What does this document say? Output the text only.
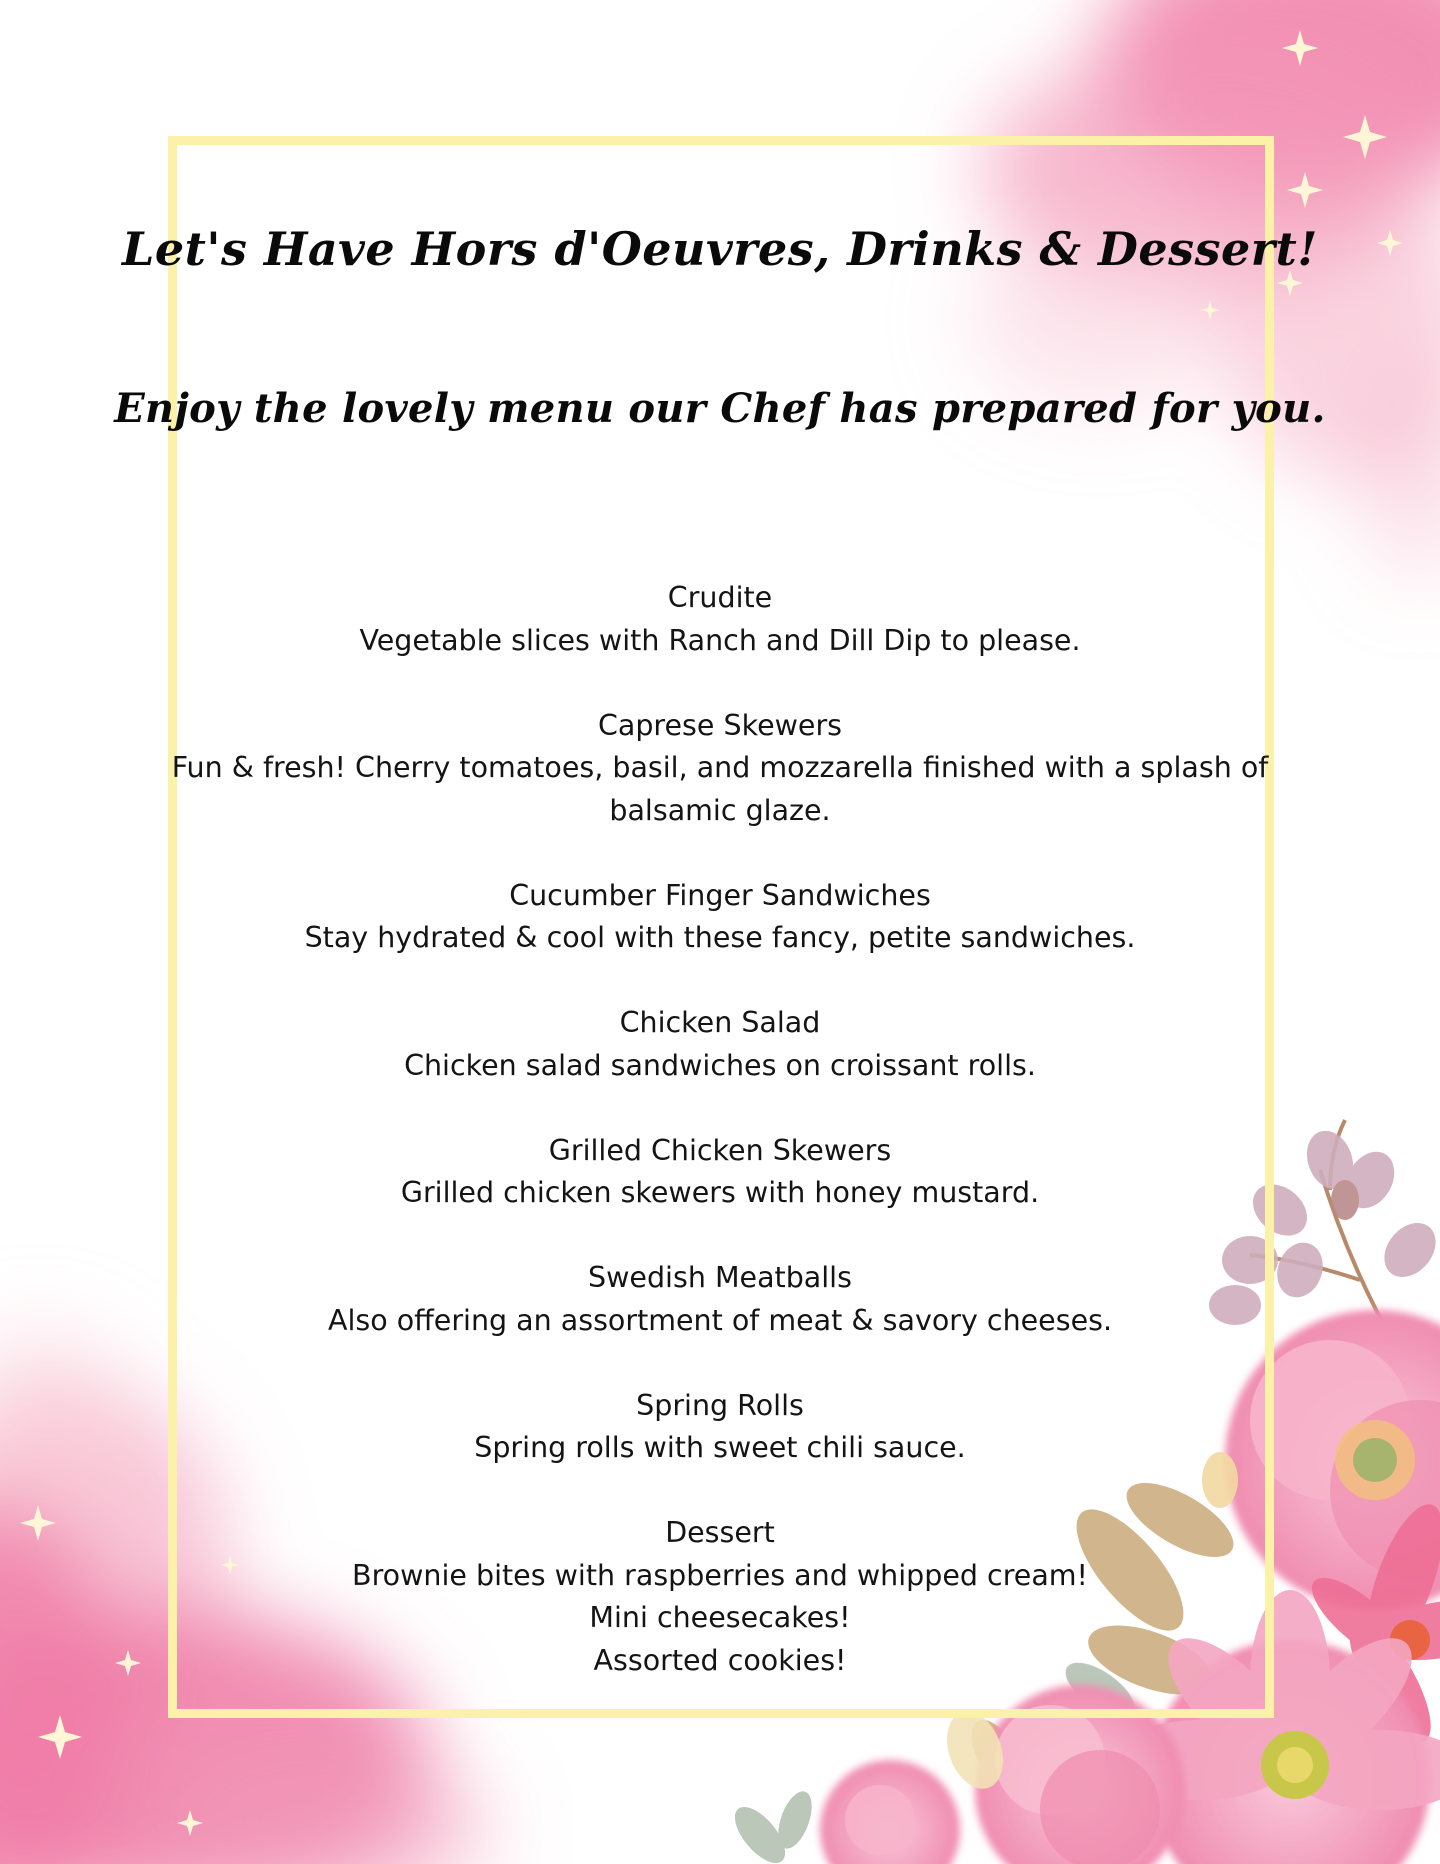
Let's Have Hors d'Oeuvres, Drinks & Dessert!
Enjoy the lovely menu our Chef has prepared for you.
Crudite
Vegetable slices with Ranch and Dill Dip to please.
Caprese Skewers
Fun & fresh! Cherry tomatoes, basil, and mozzarella finished with a splash of balsamic glaze.
Cucumber Finger Sandwiches
Stay hydrated & cool with these fancy, petite sandwiches.
Chicken Salad
Chicken salad sandwiches on croissant rolls.
Grilled Chicken Skewers
Grilled chicken skewers with honey mustard.
Swedish Meatballs
Also offering an assortment of meat & savory cheeses.
Spring Rolls
Spring rolls with sweet chili sauce.
Dessert
Brownie bites with raspberries and whipped cream!
Mini cheesecakes!
Assorted cookies!
